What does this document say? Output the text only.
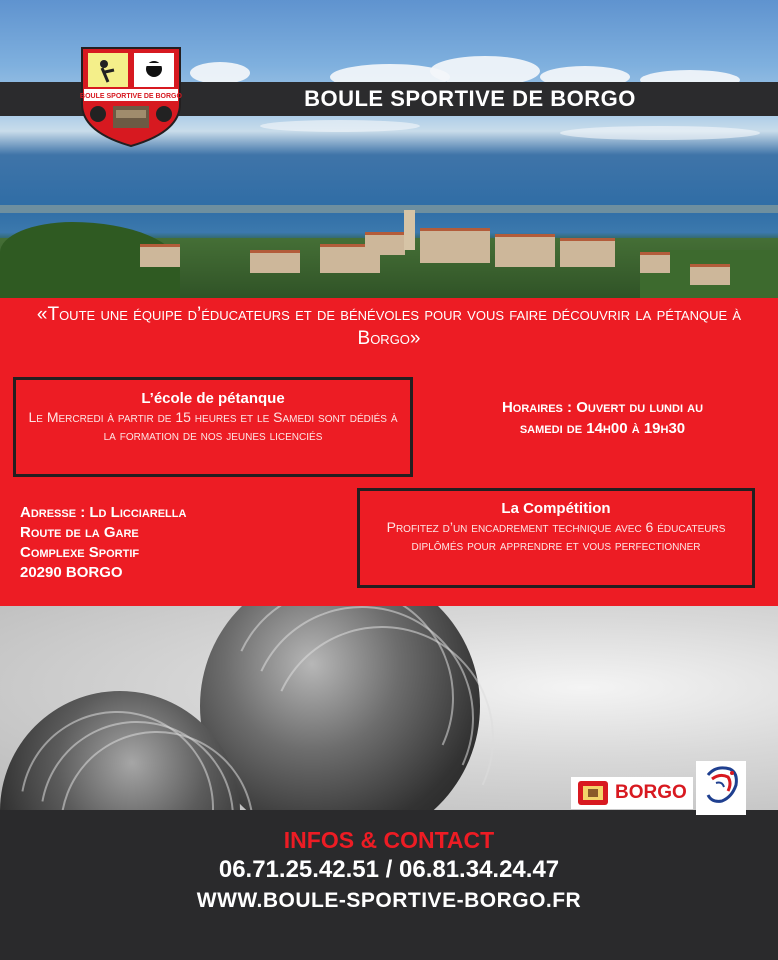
BOULE SPORTIVE DE BORGO
BOULE SPORTIVE DE BORGO
«Toute une équipe d’éducateurs et de bénévoles pour vous faire découvrir la pétanque à Borgo»
L’école de pétanque
Le Mercredi à partir de 15 heures et le Samedi sont dédiés à la formation de nos jeunes licenciés
Horaires : Ouvert du lundi au
samedi de 14h00 à 19h30
Adresse : Ld Licciarella
Route de la Gare
Complexe Sportif
20290 BORGO
La Compétition
Profitez d’un encadrement technique avec 6 éducateurs diplômés pour apprendre et vous perfectionner
BORGO
INFOS & CONTACT
06.71.25.42.51 / 06.81.34.24.47
WWW.BOULE-SPORTIVE-BORGO.FR
